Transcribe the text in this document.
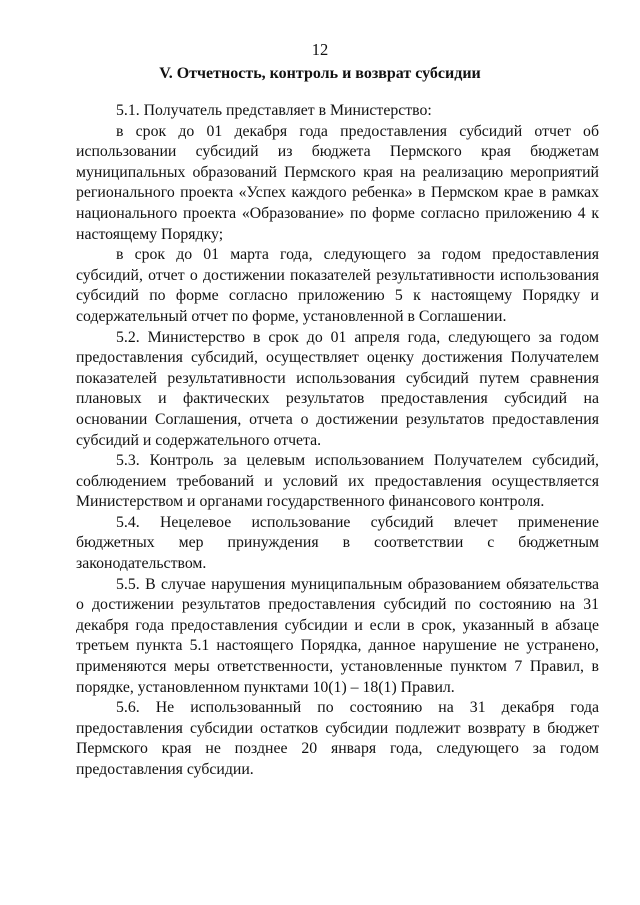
12
V. Отчетность, контроль и возврат субсидии

5.1. Получатель представляет в Министерство:

в срок до 01 декабря года предоставления субсидий отчет об использовании субсидий из бюджета Пермского края бюджетам муниципальных образований Пермского края на реализацию мероприятий регионального проекта «Успех каждого ребенка» в Пермском крае в рамках национального проекта «Образование» по форме согласно приложению 4 к настоящему Порядку;

в срок до 01 марта года, следующего за годом предоставления субсидий, отчет о достижении показателей результативности использования субсидий по форме согласно приложению 5 к настоящему Порядку и содержательный отчет по форме, установленной в Соглашении.

5.2. Министерство в срок до 01 апреля года, следующего за годом предоставления субсидий, осуществляет оценку достижения Получателем показателей результативности использования субсидий путем сравнения плановых и фактических результатов предоставления субсидий на основании Соглашения, отчета о достижении результатов предоставления субсидий и содержательного отчета.

5.3. Контроль за целевым использованием Получателем субсидий, соблюдением требований и условий их предоставления осуществляется Министерством и органами государственного финансового контроля.

5.4. Нецелевое использование субсидий влечет применение бюджетных мер принуждения в соответствии с бюджетным законодательством.

5.5. В случае нарушения муниципальным образованием обязательства о достижении результатов предоставления субсидий по состоянию на 31 декабря года предоставления субсидии и если в срок, указанный в абзаце третьем пункта 5.1 настоящего Порядка, данное нарушение не устранено, применяются меры ответственности, установленные пунктом 7 Правил, в порядке, установленном пунктами 10(1) – 18(1) Правил.

5.6. Не использованный по состоянию на 31 декабря года предоставления субсидии остатков субсидии подлежит возврату в бюджет Пермского края не позднее 20 января года, следующего за годом предоставления субсидии.
